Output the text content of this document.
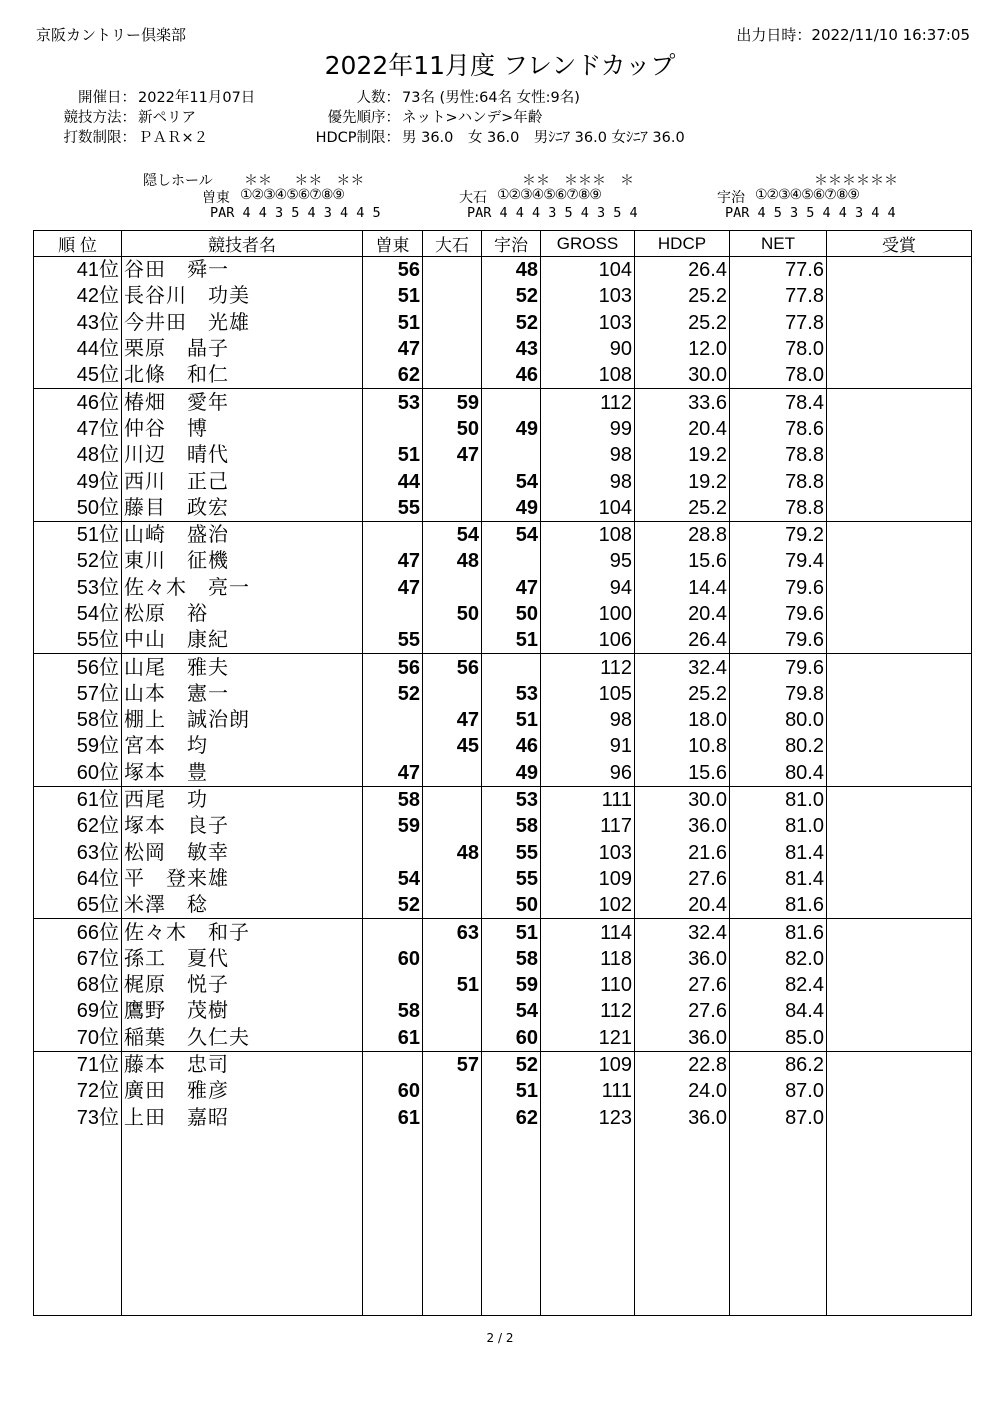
京阪カントリー倶楽部	出力日時：2022/11/10 16:37:05
2022年11月度 フレンドカップ
開催日： 2022年11月07日
競技方法： 新ペリア
打数制限： ＰＡＲ×２
人数： 73名 (男性:64名 女性:9名)
優先順序： ネット>ハンデ>年齢
HDCP制限： 男 36.0　女 36.0　男ｼﾆｱ 36.0 女ｼﾆｱ 36.0
隠しホール ＊＊　 ＊＊　＊＊
曽東 ①②③④⑤⑥⑦⑧⑨
PAR 4 4 3 5 4 3 4 4 5
＊＊　＊＊＊　＊
大石 ①②③④⑤⑥⑦⑧⑨
PAR 4 4 4 3 5 4 3 5 4
＊＊＊＊＊＊
宇治 ①②③④⑤⑥⑦⑧⑨
PAR 4 5 3 5 4 4 3 4 4
順 位	競技者名	曽東	大石	宇治	GROSS	HDCP	NET	受賞
41位	谷田　舜一	56		48	104	26.4	77.6	
42位	長谷川　功美	51		52	103	25.2	77.8	
43位	今井田　光雄	51		52	103	25.2	77.8	
44位	栗原　晶子	47		43	90	12.0	78.0	
45位	北條　和仁	62		46	108	30.0	78.0	
46位	椿畑　愛年	53	59		112	33.6	78.4	
47位	仲谷　博		50	49	99	20.4	78.6	
48位	川辺　晴代	51	47		98	19.2	78.8	
49位	西川　正己	44		54	98	19.2	78.8	
50位	藤目　政宏	55		49	104	25.2	78.8	
51位	山崎　盛治		54	54	108	28.8	79.2	
52位	東川　征機	47	48		95	15.6	79.4	
53位	佐々木　亮一	47		47	94	14.4	79.6	
54位	松原　裕		50	50	100	20.4	79.6	
55位	中山　康紀	55		51	106	26.4	79.6	
56位	山尾　雅夫	56	56		112	32.4	79.6	
57位	山本　憲一	52		53	105	25.2	79.8	
58位	棚上　誠治朗		47	51	98	18.0	80.0	
59位	宮本　均		45	46	91	10.8	80.2	
60位	塚本　豊	47		49	96	15.6	80.4	
61位	西尾　功	58		53	111	30.0	81.0	
62位	塚本　良子	59		58	117	36.0	81.0	
63位	松岡　敏幸		48	55	103	21.6	81.4	
64位	平　登来雄	54		55	109	27.6	81.4	
65位	米澤　稔	52		50	102	20.4	81.6	
66位	佐々木　和子		63	51	114	32.4	81.6	
67位	孫工　夏代	60		58	118	36.0	82.0	
68位	梶原　悦子		51	59	110	27.6	82.4	
69位	鷹野　茂樹	58		54	112	27.6	84.4	
70位	稲葉　久仁夫	61		60	121	36.0	85.0	
71位	藤本　忠司		57	52	109	22.8	86.2	
72位	廣田　雅彦	60		51	111	24.0	87.0	
73位	上田　嘉昭	61		62	123	36.0	87.0	

2 / 2
